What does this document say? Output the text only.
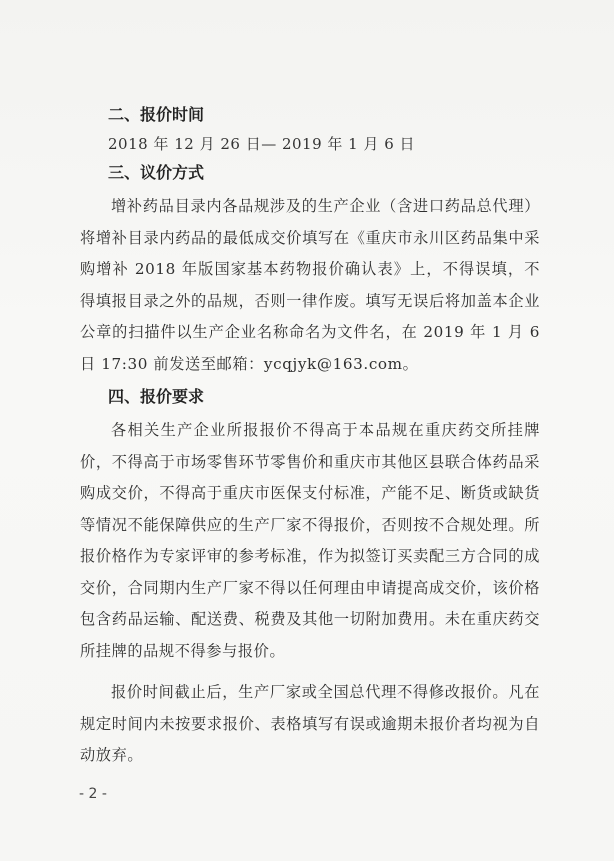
二、报价时间
2018 年 12 月 26 日— 2019 年 1 月 6 日
三、议价方式

增补药品目录内各品规涉及的生产企业（含进口药品总代理）将增补目录内药品的最低成交价填写在《重庆市永川区药品集中采购增补 2018 年版国家基本药物报价确认表》上，不得误填，不得填报目录之外的品规，否则一律作废。填写无误后将加盖本企业公章的扫描件以生产企业名称命名为文件名，在 2019 年 1 月 6 日 17:30 前发送至邮箱：ycqjyk@163.com。

四、报价要求

各相关生产企业所报报价不得高于本品规在重庆药交所挂牌价，不得高于市场零售环节零售价和重庆市其他区县联合体药品采购成交价，不得高于重庆市医保支付标准，产能不足、断货或缺货等情况不能保障供应的生产厂家不得报价，否则按不合规处理。所报价格作为专家评审的参考标准，作为拟签订买卖配三方合同的成交价，合同期内生产厂家不得以任何理由申请提高成交价，该价格包含药品运输、配送费、税费及其他一切附加费用。未在重庆药交所挂牌的品规不得参与报价。

报价时间截止后，生产厂家或全国总代理不得修改报价。凡在规定时间内未按要求报价、表格填写有误或逾期未报价者均视为自动放弃。

- 2 -
